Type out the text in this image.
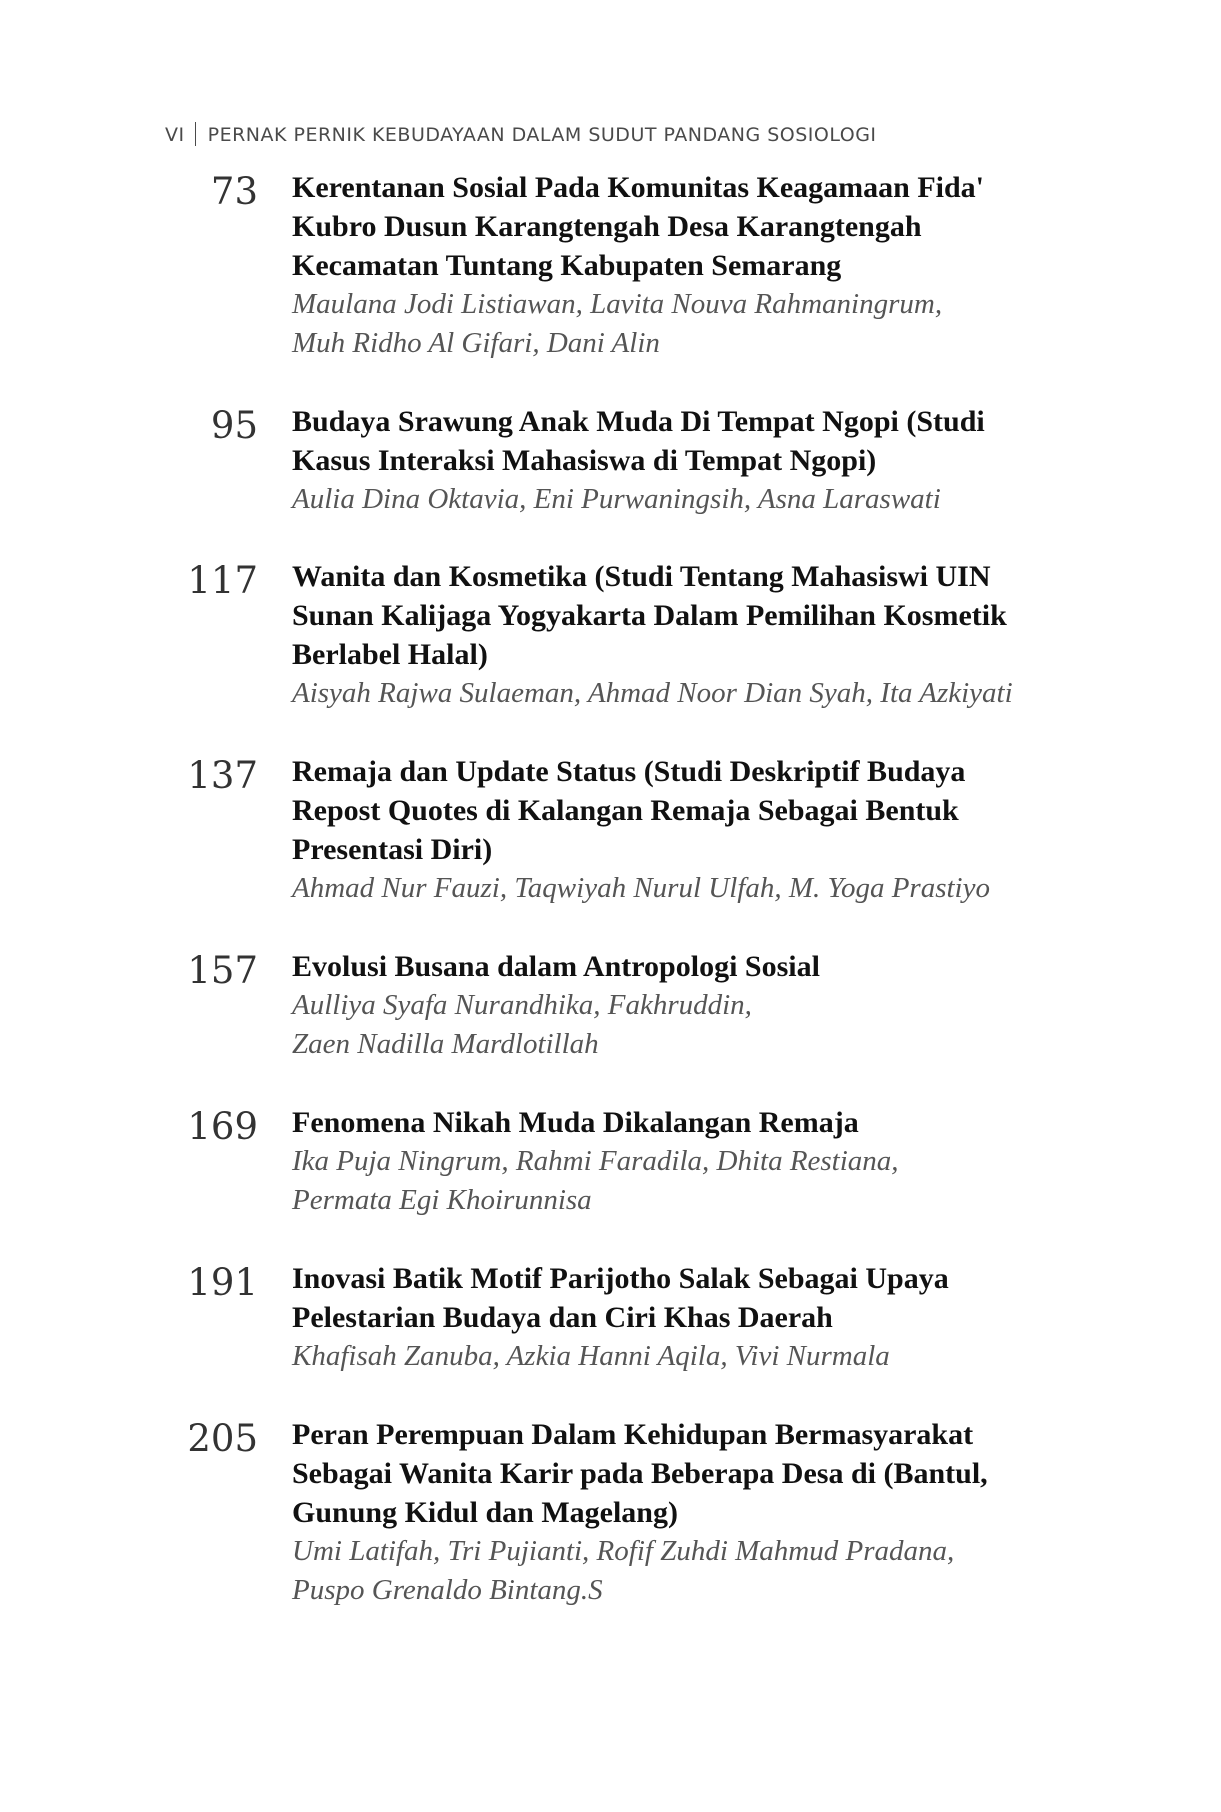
VI PERNAK PERNIK KEBUDAYAAN DALAM SUDUT PANDANG SOSIOLOGI
73 Kerentanan Sosial Pada Komunitas Keagamaan Fida'
Kubro Dusun Karangtengah Desa Karangtengah
Kecamatan Tuntang Kabupaten Semarang
Maulana Jodi Listiawan, Lavita Nouva Rahmaningrum,
Muh Ridho Al Gifari, Dani Alin
95 Budaya Srawung Anak Muda Di Tempat Ngopi (Studi
Kasus Interaksi Mahasiswa di Tempat Ngopi)
Aulia Dina Oktavia, Eni Purwaningsih, Asna Laraswati
117 Wanita dan Kosmetika (Studi Tentang Mahasiswi UIN
Sunan Kalijaga Yogyakarta Dalam Pemilihan Kosmetik
Berlabel Halal)
Aisyah Rajwa Sulaeman, Ahmad Noor Dian Syah, Ita Azkiyati
137 Remaja dan Update Status (Studi Deskriptif Budaya
Repost Quotes di Kalangan Remaja Sebagai Bentuk
Presentasi Diri)
Ahmad Nur Fauzi, Taqwiyah Nurul Ulfah, M. Yoga Prastiyo
157 Evolusi Busana dalam Antropologi Sosial
Aulliya Syafa Nurandhika, Fakhruddin,
Zaen Nadilla Mardlotillah
169 Fenomena Nikah Muda Dikalangan Remaja
Ika Puja Ningrum, Rahmi Faradila, Dhita Restiana,
Permata Egi Khoirunnisa
191 Inovasi Batik Motif Parijotho Salak Sebagai Upaya
Pelestarian Budaya dan Ciri Khas Daerah
Khafisah Zanuba, Azkia Hanni Aqila, Vivi Nurmala
205 Peran Perempuan Dalam Kehidupan Bermasyarakat
Sebagai Wanita Karir pada Beberapa Desa di (Bantul,
Gunung Kidul dan Magelang)
Umi Latifah, Tri Pujianti, Rofif Zuhdi Mahmud Pradana,
Puspo Grenaldo Bintang.S
